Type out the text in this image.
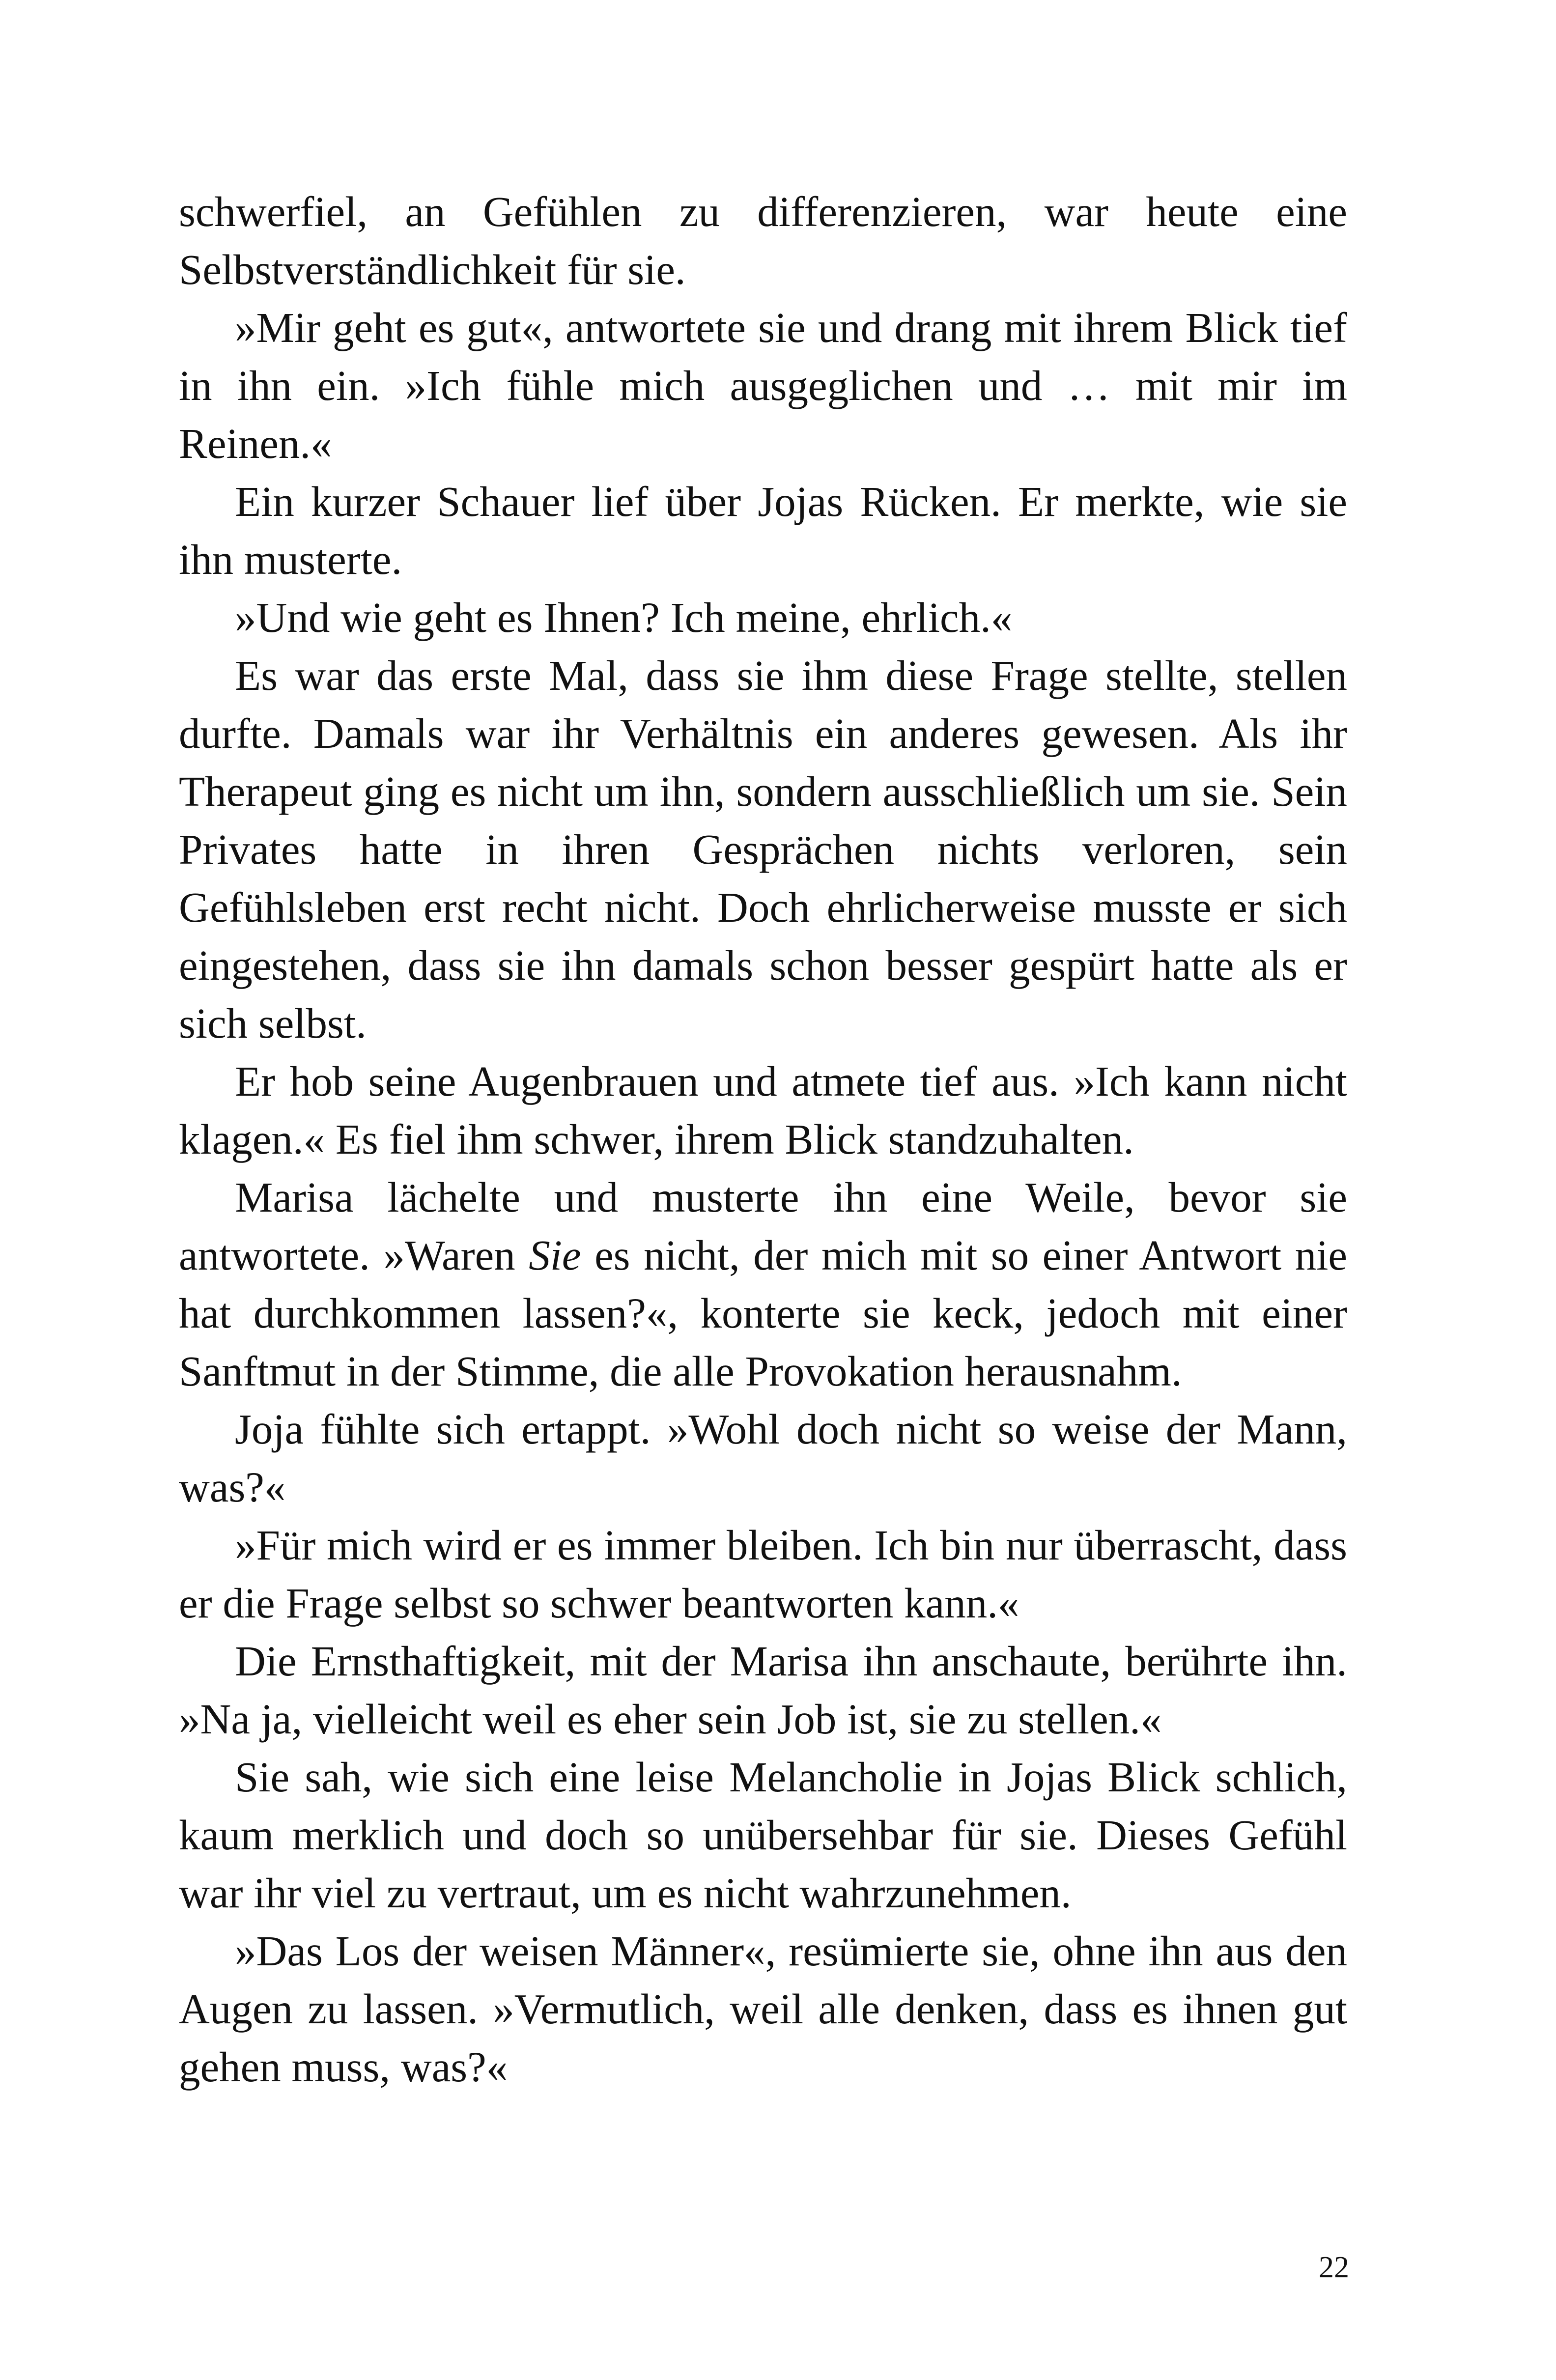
schwerfiel, an Gefühlen zu differenzieren, war heute eine Selbstverständlichkeit für sie.

»Mir geht es gut«, antwortete sie und drang mit ihrem Blick tief in ihn ein. »Ich fühle mich ausgeglichen und … mit mir im Reinen.«

Ein kurzer Schauer lief über Jojas Rücken. Er merkte, wie sie ihn musterte.

»Und wie geht es Ihnen? Ich meine, ehrlich.«

Es war das erste Mal, dass sie ihm diese Frage stellte, stellen durfte. Damals war ihr Verhältnis ein anderes gewesen. Als ihr Therapeut ging es nicht um ihn, sondern ausschließlich um sie. Sein Privates hatte in ihren Gesprächen nichts verloren, sein Gefühlsleben erst recht nicht. Doch ehrlicherweise musste er sich eingestehen, dass sie ihn damals schon besser gespürt hatte als er sich selbst.

Er hob seine Augenbrauen und atmete tief aus. »Ich kann nicht klagen.« Es fiel ihm schwer, ihrem Blick standzuhalten.

Marisa lächelte und musterte ihn eine Weile, bevor sie antwortete. »Waren Sie es nicht, der mich mit so einer Antwort nie hat durchkommen lassen?«, konterte sie keck, jedoch mit einer Sanftmut in der Stimme, die alle Provokation herausnahm.

Joja fühlte sich ertappt. »Wohl doch nicht so weise der Mann, was?«

»Für mich wird er es immer bleiben. Ich bin nur überrascht, dass er die Frage selbst so schwer beantworten kann.«

Die Ernsthaftigkeit, mit der Marisa ihn anschaute, berührte ihn. »Na ja, vielleicht weil es eher sein Job ist, sie zu stellen.«

Sie sah, wie sich eine leise Melancholie in Jojas Blick schlich, kaum merklich und doch so unübersehbar für sie. Dieses Gefühl war ihr viel zu vertraut, um es nicht wahrzunehmen.

»Das Los der weisen Männer«, resümierte sie, ohne ihn aus den Augen zu lassen. »Vermutlich, weil alle denken, dass es ihnen gut gehen muss, was?«

22
